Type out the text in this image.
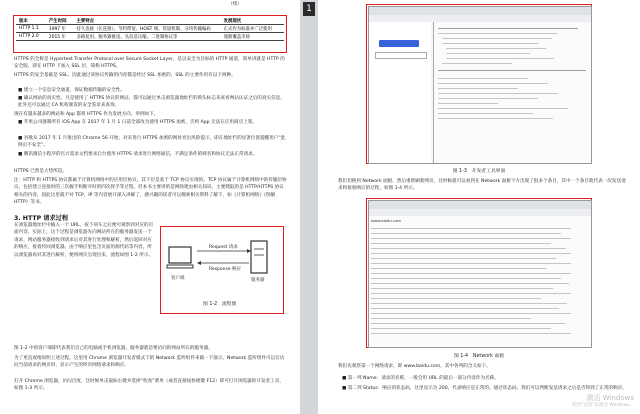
（续）
版本	产生时间	主要特点	发展现状
HTTP 1.1	1997 年	持久连接（长连接）、节约带宽、HOST 域、管道机制、分块传输编码	正式作为标准并广泛使用
HTTP 2.0	2015 年	多路复用、服务器推送、头信息压缩、二进制协议等	逐渐覆盖市场
HTTPS 的全称是 Hypertext Transfer Protocol over Secure Socket Layer，是以安全为目标的 HTTP 通道，简单讲就是 HTTP 的安全版，即在 HTTP 下加入 SSL 层，简称 HTTPS。
HTTPS 的安全基础是 SSL，因此通过该协议传输的内容都是经过 SSL 加密的，SSL 的主要作用有以下两种。
■ 建立一个信息安全通道，保证数据传输的安全性。
■ 确认网站的真实性。凡是使用了 HTTPS 协议的网站，都可以通过单击浏览器地址栏的锁头标志来查看网站认证之后的真实信息，此外还可以通过 CA 机构颁发的安全签章来查询。
现在有越来越多的网站和 App 都将 HTTPS 作为发展方向，举例如下。
■ 苹果公司强制所有 iOS App 在 2017 年 1 月 1 日前全部改为使用 HTTPS 加密，否则 App 无法在应用商店上架。
■ 谷歌从 2017 年 1 月推出的 Chrome 56 开始，对未进行 HTTPS 加密的网址亮出风险提示，即在地址栏的显著位置提醒用户“此网页不安全”。
■ 腾讯微信小程序的官方需求文档要求后台使用 HTTPS 请求进行网络通信，不满足条件的域名和协议无法正常请求。
HTTPS 已然是大势所趋。
注：HTTP 和 HTTPS 协议都属于计算机网络中的应用层协议，其下层是基于 TCP 协议实现的。TCP 协议属于计算机网络中的传输层协议，包括建立连接时的三次握手和断开时的四次挥手等过程。但本书主要讲的是网络爬虫相关知识，主要爬取的是 HTTP/HTTPS 协议相关的内容，因此这里就不对 TCP、IP 等内容展开深入讲解了，感兴趣的读者可以搜索相关资料了解下，如《计算机网络》《图解 HTTP》等书。
3. HTTP 请求过程
在浏览器地址栏中输入一个 URL，按下回车之后便可观察到对应的页面内容。实际上，这个过程是浏览器先向网站所在的服务器发送一个请求，网站服务器接收到请求后对其进行处理和解析，然后返回对应的响应，接着传回浏览器。由于响应里包含页面的源代码等内容，所以浏览器再对其进行解析，便将网页呈现出来，流程如图 1-2 所示。
Request 请求
Response 响应
客户端	服务器
图 1-2　流程图
图 1-2 中的客户端即代表我们自己的电脑或手机浏览器，服务器就是要访问的网站所在的服务器。
为了更直观地说明上述过程，这里用 Chrome 浏览器开发者模式下的 Network 监听组件来做一下演示。Network 监听组件可以在访问当前请求的网页时，显示产生的所有网络请求和响应。
打开 Chrome 浏览器，访问百度，这时候单击鼠标右键并选择“检查”菜单（或者直接按快捷键 F12）即可打开浏览器的开发者工具，如图 1-3 所示。
1
图 1-3　开发者工具界面
我们切换到 Network 面板，然后重新刷新网页，这时候就可以看到在 Network 面板下方出现了很多个条目，其中一个条目就代表一次发送请求和接收响应的过程，如图 1-4 所示。
www.baidu.com
图 1-4　Network 面板
我们先观察第一个网络请求，即 www.baidu.com，其中各列的含义如下。
■ 第一列 Name：请求的名称，一般会用 URL 的最后一部分内容作为名称。
■ 第二列 Status：响应的状态码，这里显示为 200，代表响应是正常的。通过状态码，我们可以判断发送请求之后是否得到了正常的响应。
激活 Windows
转到“设置”以激活 Windows。
